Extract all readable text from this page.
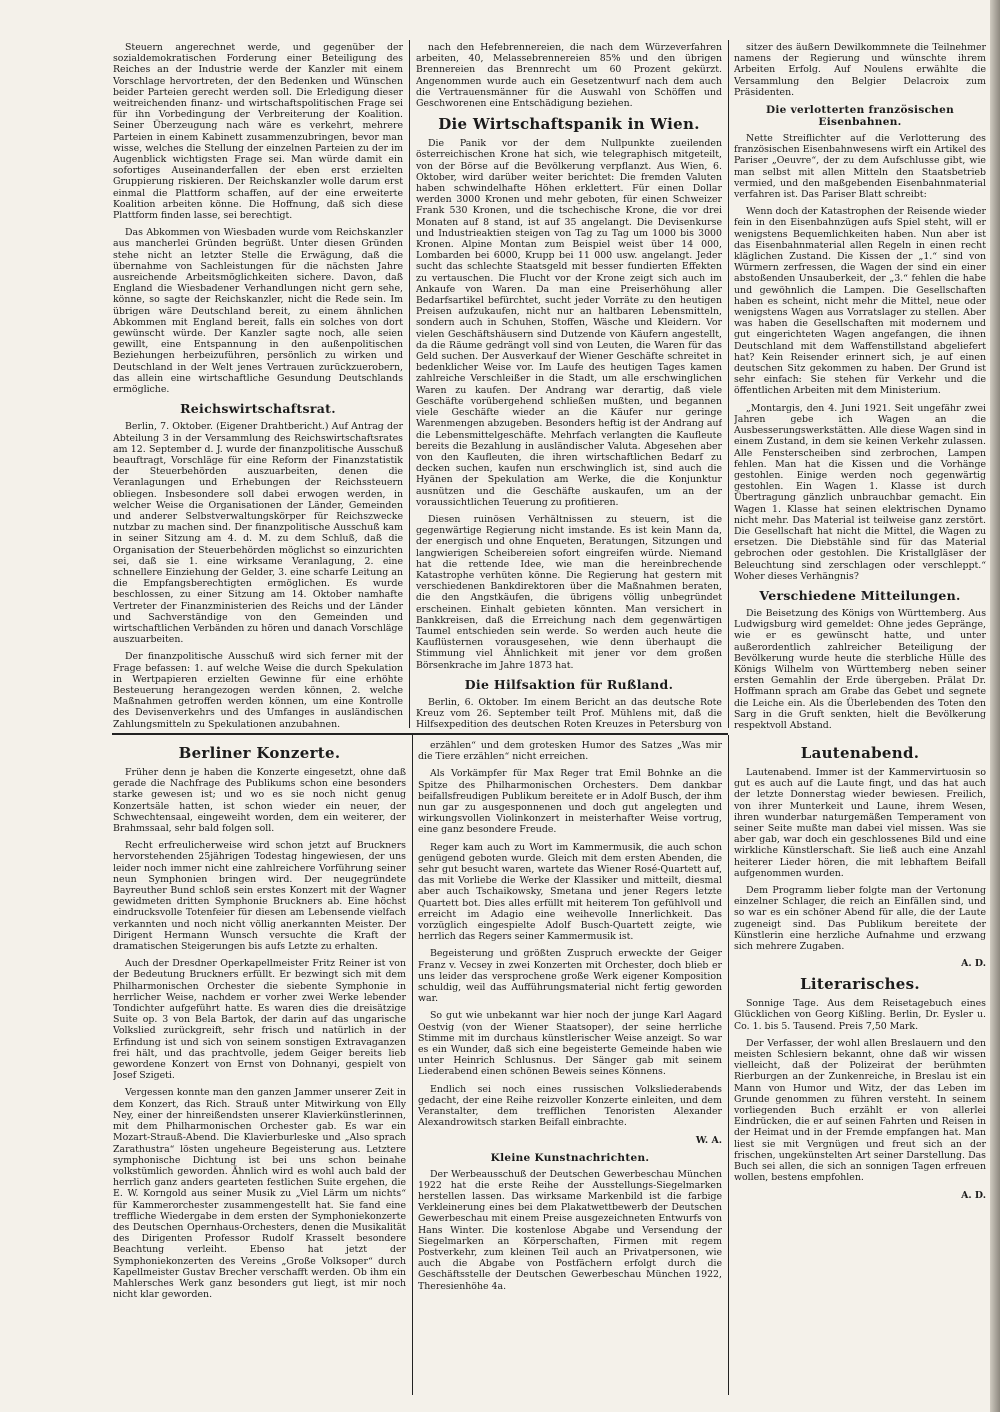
Steuern angerechnet werde, und gegenüber der sozialdemokratischen Forderung einer Beteiligung des Reiches an der Industrie werde der Kanzler mit einem Vorschlage hervortreten, der den Bedenken und Wünschen beider Parteien gerecht werden soll. Die Erledigung dieser weitreichenden finanz- und wirtschaftspolitischen Frage sei für ihn Vorbedingung der Verbreiterung der Koalition. Seiner Überzeugung nach wäre es verkehrt, mehrere Parteien in einem Kabinett zusammenzubringen, bevor man wisse, welches die Stellung der einzelnen Parteien zu der im Augenblick wichtigsten Frage sei. Man würde damit ein sofortiges Auseinanderfallen der eben erst erzielten Gruppierung riskieren. Der Reichskanzler wolle darum erst einmal die Plattform schaffen, auf der eine erweiterte Koalition arbeiten könne. Die Hoffnung, daß sich diese Plattform finden lasse, sei berechtigt.

Das Abkommen von Wiesbaden wurde vom Reichskanzler aus mancherlei Gründen begrüßt. Unter diesen Gründen stehe nicht an letzter Stelle die Erwägung, daß die übernahme von Sachleistungen für die nächsten Jahre ausreichende Arbeitsmöglichkeiten sichere. Davon, daß England die Wiesbadener Verhandlungen nicht gern sehe, könne, so sagte der Reichskanzler, nicht die Rede sein. Im übrigen wäre Deutschland bereit, zu einem ähnlichen Abkommen mit England bereit, falls ein solches von dort gewünscht würde. Der Kanzler sagte noch, alle seien gewillt, eine Entspannung in den außenpolitischen Beziehungen herbeizuführen, persönlich zu wirken und Deutschland in der Welt jenes Vertrauen zurückzuerobern, das allein eine wirtschaftliche Gesundung Deutschlands ermögliche.

Reichswirtschaftsrat.

Berlin, 7. Oktober. (Eigener Drahtbericht.) Auf Antrag der Abteilung 3 in der Versammlung des Reichswirtschaftsrates am 12. September d. J. wurde der finanzpolitische Ausschuß beauftragt, Vorschläge für eine Reform der Finanzstatistik der Steuerbehörden auszuarbeiten, denen die Veranlagungen und Erhebungen der Reichssteuern obliegen. Insbesondere soll dabei erwogen werden, in welcher Weise die Organisationen der Länder, Gemeinden und anderer Selbstverwaltungskörper für Reichszwecke nutzbar zu machen sind. Der finanzpolitische Ausschuß kam in seiner Sitzung am 4. d. M. zu dem Schluß, daß die Organisation der Steuerbehörden möglichst so einzurichten sei, daß sie 1. eine wirksame Veranlagung, 2. eine schnellere Einziehung der Gelder, 3. eine scharfe Leitung an die Empfangsberechtigten ermöglichen. Es wurde beschlossen, zu einer Sitzung am 14. Oktober namhafte Vertreter der Finanzministerien des Reichs und der Länder und Sachverständige von den Gemeinden und wirtschaftlichen Verbänden zu hören und danach Vorschläge auszuarbeiten.

Der finanzpolitische Ausschuß wird sich ferner mit der Frage befassen: 1. auf welche Weise die durch Spekulation in Wertpapieren erzielten Gewinne für eine erhöhte Besteuerung herangezogen werden können, 2. welche Maßnahmen getroffen werden können, um eine Kontrolle des Devisenverkehrs und des Umfanges in ausländischen Zahlungsmitteln zu Spekulationen anzubahnen.

nach den Hefebrennereien, die nach dem Würzeverfahren arbeiten, 40, Melassebrennereien 85% und den übrigen Brennereien das Brennrecht um 60 Prozent gekürzt. Angenommen wurde auch ein Gesetzentwurf nach dem auch die Vertrauensmänner für die Auswahl von Schöffen und Geschworenen eine Entschädigung beziehen.

Die Wirtschaftspanik in Wien.

Die Panik vor der dem Nullpunkte zueilenden österreichischen Krone hat sich, wie telegraphisch mitgeteilt, von der Börse auf die Bevölkerung verpflanzt. Aus Wien, 6. Oktober, wird darüber weiter berichtet: Die fremden Valuten haben schwindelhafte Höhen erklettert. Für einen Dollar werden 3000 Kronen und mehr geboten, für einen Schweizer Frank 530 Kronen, und die tschechische Krone, die vor drei Monaten auf 8 stand, ist auf 35 angelangt. Die Devisenkurse und Industrieaktien steigen von Tag zu Tag um 1000 bis 3000 Kronen. Alpine Montan zum Beispiel weist über 14 000, Lombarden bei 6000, Krupp bei 11 000 usw. angelangt. Jeder sucht das schlechte Staatsgeld mit besser fundierten Effekten zu vertauschen. Die Flucht vor der Krone zeigt sich auch im Ankaufe von Waren. Da man eine Preiserhöhung aller Bedarfsartikel befürchtet, sucht jeder Vorräte zu den heutigen Preisen aufzukaufen, nicht nur an haltbaren Lebensmitteln, sondern auch in Schuhen, Stoffen, Wäsche und Kleidern. Vor vielen Geschäftshäusern sind Dutzende von Käufern angestellt, da die Räume gedrängt voll sind von Leuten, die Waren für das Geld suchen. Der Ausverkauf der Wiener Geschäfte schreitet in bedenklicher Weise vor. Im Laufe des heutigen Tages kamen zahlreiche Verschleißer in die Stadt, um alle erschwinglichen Waren zu kaufen. Der Andrang war derartig, daß viele Geschäfte vorübergehend schließen mußten, und begannen viele Geschäfte wieder an die Käufer nur geringe Warenmengen abzugeben. Besonders heftig ist der Andrang auf die Lebensmittelgeschäfte. Mehrfach verlangten die Kaufleute bereits die Bezahlung in ausländischer Valuta. Abgesehen aber von den Kaufleuten, die ihren wirtschaftlichen Bedarf zu decken suchen, kaufen nun erschwinglich ist, sind auch die Hyänen der Spekulation am Werke, die die Konjunktur ausnützen und die Geschäfte auskaufen, um an der voraussichtlichen Teuerung zu profitieren.

Diesen ruinösen Verhältnissen zu steuern, ist die gegenwärtige Regierung nicht imstande. Es ist kein Mann da, der energisch und ohne Enqueten, Beratungen, Sitzungen und langwierigen Scheibereien sofort eingreifen würde. Niemand hat die rettende Idee, wie man die hereinbrechende Katastrophe verhüten könne. Die Regierung hat gestern mit verschiedenen Bankdirektoren über die Maßnahmen beraten, die den Angstkäufen, die übrigens völlig unbegründet erscheinen. Einhalt gebieten könnten. Man versichert in Bankkreisen, daß die Erreichung nach dem gegenwärtigen Taumel entschieden sein werde. So werden auch heute die Kauflüsternen vorausgesehen, wie denn überhaupt die Stimmung viel Ähnlichkeit mit jener vor dem großen Börsenkrache im Jahre 1873 hat.

Die Hilfsaktion für Rußland.

Berlin, 6. Oktober. Im einem Bericht an das deutsche Rote Kreuz vom 26. September teilt Prof. Mühlens mit, daß die Hilfsexpedition des deutschen Roten Kreuzes in Petersburg von

sitzer des äußern Dewilkommnete die Teilnehmer namens der Regierung und wünschte ihrem Arbeiten Erfolg. Auf Noulens erwählte die Versammlung den Belgier Delacroix zum Präsidenten.

Die verlotterten französischen Eisenbahnen.

Nette Streiflichter auf die Verlotterung des französischen Eisenbahnwesens wirft ein Artikel des Pariser „Oeuvre“, der zu dem Aufschlusse gibt, wie man selbst mit allen Mitteln den Staatsbetrieb vermied, und den maßgebenden Eisenbahnmaterial verfahren ist. Das Pariser Blatt schreibt:

Wenn doch der Katastrophen der Reisende wieder fein in den Eisenbahnzügen aufs Spiel steht, will er wenigstens Bequemlichkeiten haben. Nun aber ist das Eisenbahnmaterial allen Regeln in einen recht kläglichen Zustand. Die Kissen der „1.“ sind von Würmern zerfressen, die Wagen der sind ein einer abstoßenden Unsauberkeit, der „3.“ fehlen die habe und gewöhnlich die Lampen. Die Gesellschaften haben es scheint, nicht mehr die Mittel, neue oder wenigstens Wagen aus Vorratslager zu stellen. Aber was haben die Gesellschaften mit modernem und gut eingerichteten Wagen angefangen, die ihnen Deutschland mit dem Waffenstillstand abgeliefert hat? Kein Reisender erinnert sich, je auf einen deutschen Sitz gekommen zu haben. Der Grund ist sehr einfach: Sie stehen für Verkehr und die öffentlichen Arbeiten mit dem Ministerium.

„Montargis, den 4. Juni 1921. Seit ungefähr zwei Jahren gebe ich Wagen an die Ausbesserungswerkstätten. Alle diese Wagen sind in einem Zustand, in dem sie keinen Verkehr zulassen. Alle Fensterscheiben sind zerbrochen, Lampen fehlen. Man hat die Kissen und die Vorhänge gestohlen. Einige werden noch gegenwärtig gestohlen. Ein Wagen 1. Klasse ist durch Übertragung gänzlich unbrauchbar gemacht. Ein Wagen 1. Klasse hat seinen elektrischen Dynamo nicht mehr. Das Material ist teilweise ganz zerstört. Die Gesellschaft hat nicht die Mittel, die Wagen zu ersetzen. Die Diebstähle sind für das Material gebrochen oder gestohlen. Die Kristallgläser der Beleuchtung sind zerschlagen oder verschleppt.“ Woher dieses Verhängnis?

Verschiedene Mitteilungen.

Die Beisetzung des Königs von Württemberg. Aus Ludwigsburg wird gemeldet: Ohne jedes Gepränge, wie er es gewünscht hatte, und unter außerordentlich zahlreicher Beteiligung der Bevölkerung wurde heute die sterbliche Hülle des Königs Wilhelm von Württemberg neben seiner ersten Gemahlin der Erde übergeben. Prälat Dr. Hoffmann sprach am Grabe das Gebet und segnete die Leiche ein. Als die Überlebenden des Toten den Sarg in die Gruft senkten, hielt die Bevölkerung respektvoll Abstand.

Berliner Konzerte.

Früher denn je haben die Konzerte eingesetzt, ohne daß gerade die Nachfrage des Publikums schon eine besonders starke gewesen ist; und wo es sie noch nicht genug Konzertsäle hatten, ist schon wieder ein neuer, der Schwechtensaal, eingeweiht worden, dem ein weiterer, der Brahmssaal, sehr bald folgen soll.

Recht erfreulicherweise wird schon jetzt auf Bruckners hervorstehenden 25jährigen Todestag hingewiesen, der uns leider noch immer nicht eine zahlreichere Vorführung seiner neun Symphonien bringen wird. Der neugegründete Bayreuther Bund schloß sein erstes Konzert mit der Wagner gewidmeten dritten Symphonie Bruckners ab. Eine höchst eindrucksvolle Totenfeier für diesen am Lebensende vielfach verkannten und noch nicht völlig anerkannten Meister. Der Dirigent Hermann Wunsch versuchte die Kraft der dramatischen Steigerungen bis aufs Letzte zu erhalten.

Auch der Dresdner Operkapellmeister Fritz Reiner ist von der Bedeutung Bruckners erfüllt. Er bezwingt sich mit dem Philharmonischen Orchester die siebente Symphonie in herrlicher Weise, nachdem er vorher zwei Werke lebender Tondichter aufgeführt hatte. Es waren dies die dreisätzige Suite op. 3 von Bela Bartok, der darin auf das ungarische Volkslied zurückgreift, sehr frisch und natürlich in der Erfindung ist und sich von seinem sonstigen Extravaganzen frei hält, und das prachtvolle, jedem Geiger bereits lieb gewordene Konzert von Ernst von Dohnanyi, gespielt von Josef Szigeti.

Vergessen konnte man den ganzen Jammer unserer Zeit in dem Konzert, das Rich. Strauß unter Mitwirkung von Elly Ney, einer der hinreißendsten unserer Klavierkünstlerinnen, mit dem Philharmonischen Orchester gab. Es war ein Mozart-Strauß-Abend. Die Klavierburleske und „Also sprach Zarathustra“ lösten ungeheure Begeisterung aus. Letztere symphonische Dichtung ist bei uns schon beinahe volkstümlich geworden. Ähnlich wird es wohl auch bald der herrlich ganz anders gearteten festlichen Suite ergehen, die E. W. Korngold aus seiner Musik zu „Viel Lärm um nichts“ für Kammerorchester zusammengestellt hat. Sie fand eine treffliche Wiedergabe in dem ersten der Symphoniekonzerte des Deutschen Opernhaus-Orchesters, denen die Musikalität des Dirigenten Professor Rudolf Krasselt besondere Beachtung verleiht. Ebenso hat jetzt der Symphoniekonzerten des Vereins „Große Volksoper“ durch Kapellmeister Gustav Brecher verschafft werden. Ob ihm ein Mahlersches Werk ganz besonders gut liegt, ist mir noch nicht klar geworden.

erzählen“ und dem grotesken Humor des Satzes „Was mir die Tiere erzählen“ nicht erreichen.

Als Vorkämpfer für Max Reger trat Emil Bohnke an die Spitze des Philharmonischen Orchesters. Dem dankbar beifallsfreudigen Publikum bereitete er in Adolf Busch, der ihm nun gar zu ausgesponnenen und doch gut angelegten und wirkungsvollen Violinkonzert in meisterhafter Weise vortrug, eine ganz besondere Freude.

Reger kam auch zu Wort im Kammermusik, die auch schon genügend geboten wurde. Gleich mit dem ersten Abenden, die sehr gut besucht waren, wartete das Wiener Rosé-Quartett auf, das mit Vorliebe die Werke der Klassiker und mitteilt, diesmal aber auch Tschaikowsky, Smetana und jener Regers letzte Quartett bot. Dies alles erfüllt mit heiterem Ton gefühlvoll und erreicht im Adagio eine weihevolle Innerlichkeit. Das vorzüglich eingespielte Adolf Busch-Quartett zeigte, wie herrlich das Regers seiner Kammermusik ist.

Begeisterung und größten Zuspruch erweckte der Geiger Franz v. Vecsey in zwei Konzerten mit Orchester, doch blieb er uns leider das versprochene große Werk eigener Komposition schuldig, weil das Aufführungsmaterial nicht fertig geworden war.

So gut wie unbekannt war hier noch der junge Karl Aagard Oestvig (von der Wiener Staatsoper), der seine herrliche Stimme mit im durchaus künstlerischer Weise anzeigt. So war es ein Wunder, daß sich eine begeisterte Gemeinde haben wie unter Heinrich Schlusnus. Der Sänger gab mit seinem Liederabend einen schönen Beweis seines Könnens.

Endlich sei noch eines russischen Volksliederabends gedacht, der eine Reihe reizvoller Konzerte einleiten, und dem Veranstalter, dem trefflichen Tenoristen Alexander Alexandrowitsch starken Beifall einbrachte.

W. A.
Kleine Kunstnachrichten.

Der Werbeausschuß der Deutschen Gewerbeschau München 1922 hat die erste Reihe der Ausstellungs-Siegelmarken herstellen lassen. Das wirksame Markenbild ist die farbige Verkleinerung eines bei dem Plakatwettbewerb der Deutschen Gewerbeschau mit einem Preise ausgezeichneten Entwurfs von Hans Winter. Die kostenlose Abgabe und Versendung der Siegelmarken an Körperschaften, Firmen mit regem Postverkehr, zum kleinen Teil auch an Privatpersonen, wie auch die Abgabe von Postfächern erfolgt durch die Geschäftsstelle der Deutschen Gewerbeschau München 1922, Theresienhöhe 4a.

Lautenabend.

Lautenabend. Immer ist der Kammervirtuosin so gut es auch auf die Laute fingt, und das hat auch der letzte Donnerstag wieder bewiesen. Freilich, von ihrer Munterkeit und Laune, ihrem Wesen, ihren wunderbar naturgemäßen Temperament von seiner Seite mußte man dabei viel missen. Was sie aber gab, war doch ein geschlossenes Bild und eine wirkliche Künstlerschaft. Sie ließ auch eine Anzahl heiterer Lieder hören, die mit lebhaftem Beifall aufgenommen wurden.

Dem Programm lieber folgte man der Vertonung einzelner Schlager, die reich an Einfällen sind, und so war es ein schöner Abend für alle, die der Laute zugeneigt sind. Das Publikum bereitete der Künstlerin eine herzliche Aufnahme und erzwang sich mehrere Zugaben.

A. D.
Literarisches.

Sonnige Tage. Aus dem Reisetagebuch eines Glücklichen von Georg Kißling. Berlin, Dr. Eysler u. Co. 1. bis 5. Tausend. Preis 7,50 Mark.

Der Verfasser, der wohl allen Breslauern und den meisten Schlesiern bekannt, ohne daß wir wissen vielleicht, daß der Polizeirat der berühmten Rierburgen an der Zunkenreiche, in Breslau ist ein Mann von Humor und Witz, der das Leben im Grunde genommen zu führen versteht. In seinem vorliegenden Buch erzählt er von allerlei Eindrücken, die er auf seinen Fahrten und Reisen in der Heimat und in der Fremde empfangen hat. Man liest sie mit Vergnügen und freut sich an der frischen, ungekünstelten Art seiner Darstellung. Das Buch sei allen, die sich an sonnigen Tagen erfreuen wollen, bestens empfohlen.

A. D.
